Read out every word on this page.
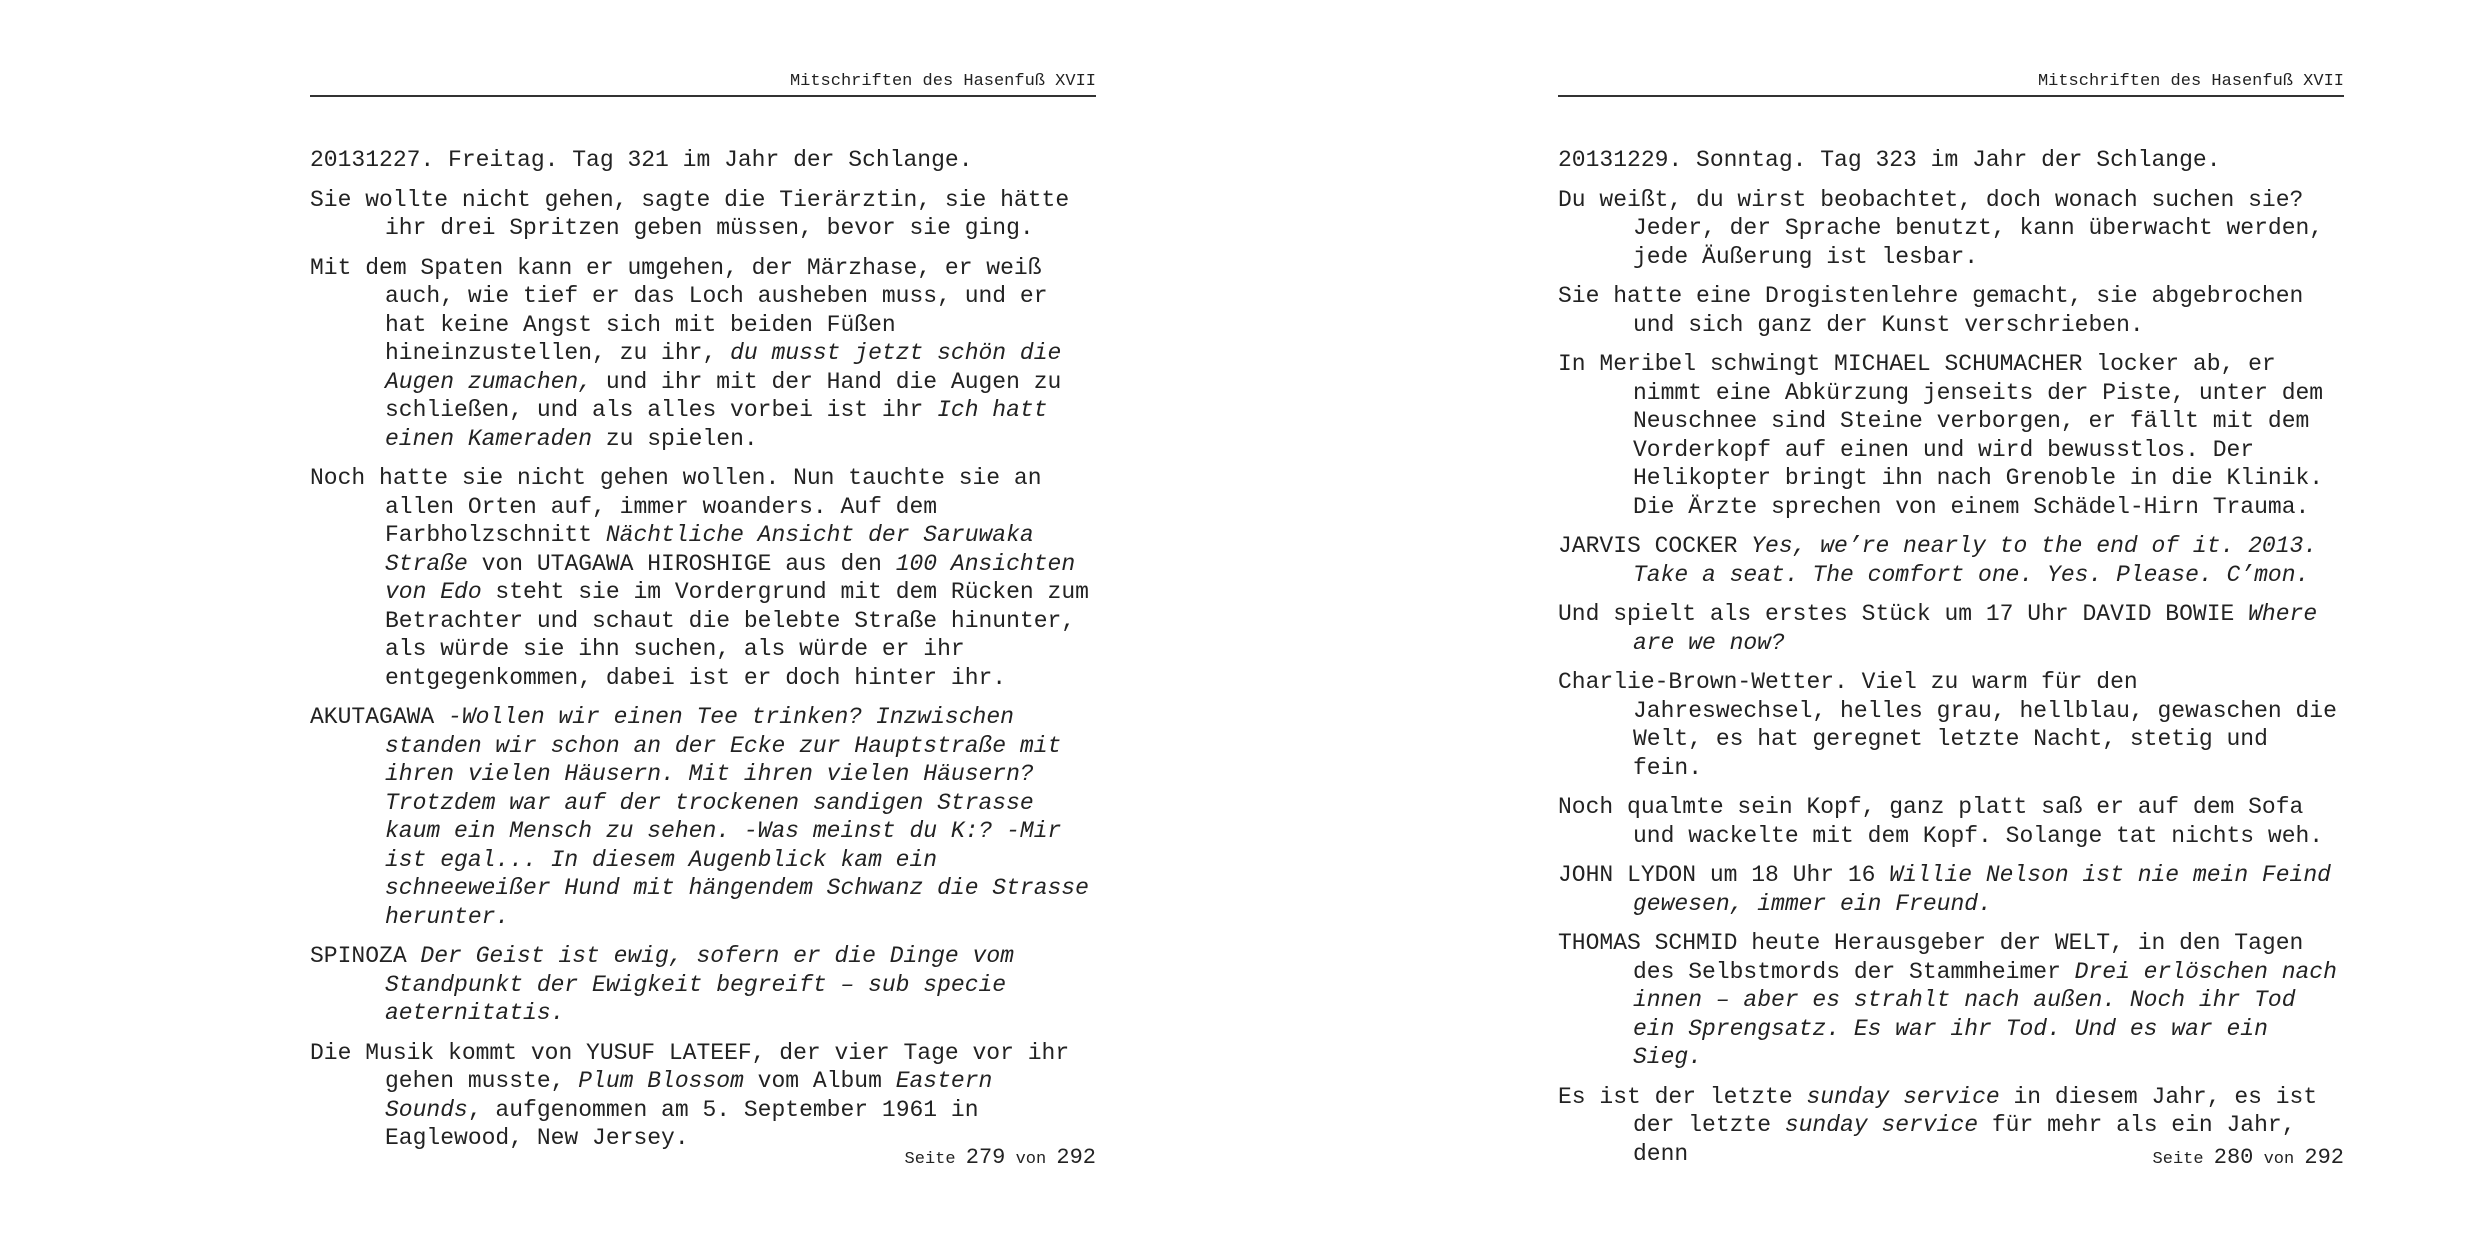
Mitschriften des Hasenfuß XVII
20131227. Freitag. Tag 321 im Jahr der Schlange.
Sie wollte nicht gehen, sagte die Tierärztin, sie hätte ihr drei Spritzen geben müssen, bevor sie ging.
Mit dem Spaten kann er umgehen, der Märzhase, er weiß auch, wie tief er das Loch ausheben muss, und er hat keine Angst sich mit beiden Füßen hineinzustellen, zu ihr, du musst jetzt schön die Augen zumachen, und ihr mit der Hand die Augen zu schließen, und als alles vorbei ist ihr Ich hatt einen Kameraden zu spielen.
Noch hatte sie nicht gehen wollen. Nun tauchte sie an allen Orten auf, immer woanders. Auf dem Farbholzschnitt Nächtliche Ansicht der Saruwaka Straße von UTAGAWA HIROSHIGE aus den 100 Ansichten von Edo steht sie im Vordergrund mit dem Rücken zum Betrachter und schaut die belebte Straße hinunter, als würde sie ihn suchen, als würde er ihr entgegenkommen, dabei ist er doch hinter ihr.
AKUTAGAWA -Wollen wir einen Tee trinken? Inzwischen standen wir schon an der Ecke zur Hauptstraße mit ihren vielen Häusern. Mit ihren vielen Häusern? Trotzdem war auf der trockenen sandigen Strasse kaum ein Mensch zu sehen. -Was meinst du K:? -Mir ist egal... In diesem Augenblick kam ein schneeweißer Hund mit hängendem Schwanz die Strasse herunter.
SPINOZA Der Geist ist ewig, sofern er die Dinge vom Standpunkt der Ewigkeit begreift – sub specie aeternitatis.
Die Musik kommt von YUSUF LATEEF, der vier Tage vor ihr gehen musste, Plum Blossom vom Album Eastern Sounds, aufgenommen am 5. September 1961 in Eaglewood, New Jersey.
Seite 279 von 292
Mitschriften des Hasenfuß XVII
20131229. Sonntag. Tag 323 im Jahr der Schlange.
Du weißt, du wirst beobachtet, doch wonach suchen sie? Jeder, der Sprache benutzt, kann überwacht werden, jede Äußerung ist lesbar.
Sie hatte eine Drogistenlehre gemacht, sie abgebrochen und sich ganz der Kunst verschrieben.
In Meribel schwingt MICHAEL SCHUMACHER locker ab, er nimmt eine Abkürzung jenseits der Piste, unter dem Neuschnee sind Steine verborgen, er fällt mit dem Vorderkopf auf einen und wird bewusstlos. Der Helikopter bringt ihn nach Grenoble in die Klinik. Die Ärzte sprechen von einem Schädel-Hirn Trauma.
JARVIS COCKER Yes, we’re nearly to the end of it. 2013. Take a seat. The comfort one. Yes. Please. C’mon.
Und spielt als erstes Stück um 17 Uhr DAVID BOWIE Where are we now?
Charlie-Brown-Wetter. Viel zu warm für den Jahreswechsel, helles grau, hellblau, gewaschen die Welt, es hat geregnet letzte Nacht, stetig und fein.
Noch qualmte sein Kopf, ganz platt saß er auf dem Sofa und wackelte mit dem Kopf. Solange tat nichts weh.
JOHN LYDON um 18 Uhr 16 Willie Nelson ist nie mein Feind gewesen, immer ein Freund.
THOMAS SCHMID heute Herausgeber der WELT, in den Tagen des Selbstmords der Stammheimer Drei erlöschen nach innen – aber es strahlt nach außen. Noch ihr Tod ein Sprengsatz. Es war ihr Tod. Und es war ein Sieg.
Es ist der letzte sunday service in diesem Jahr, es ist der letzte sunday service für mehr als ein Jahr, denn	Seite 280 von 292
